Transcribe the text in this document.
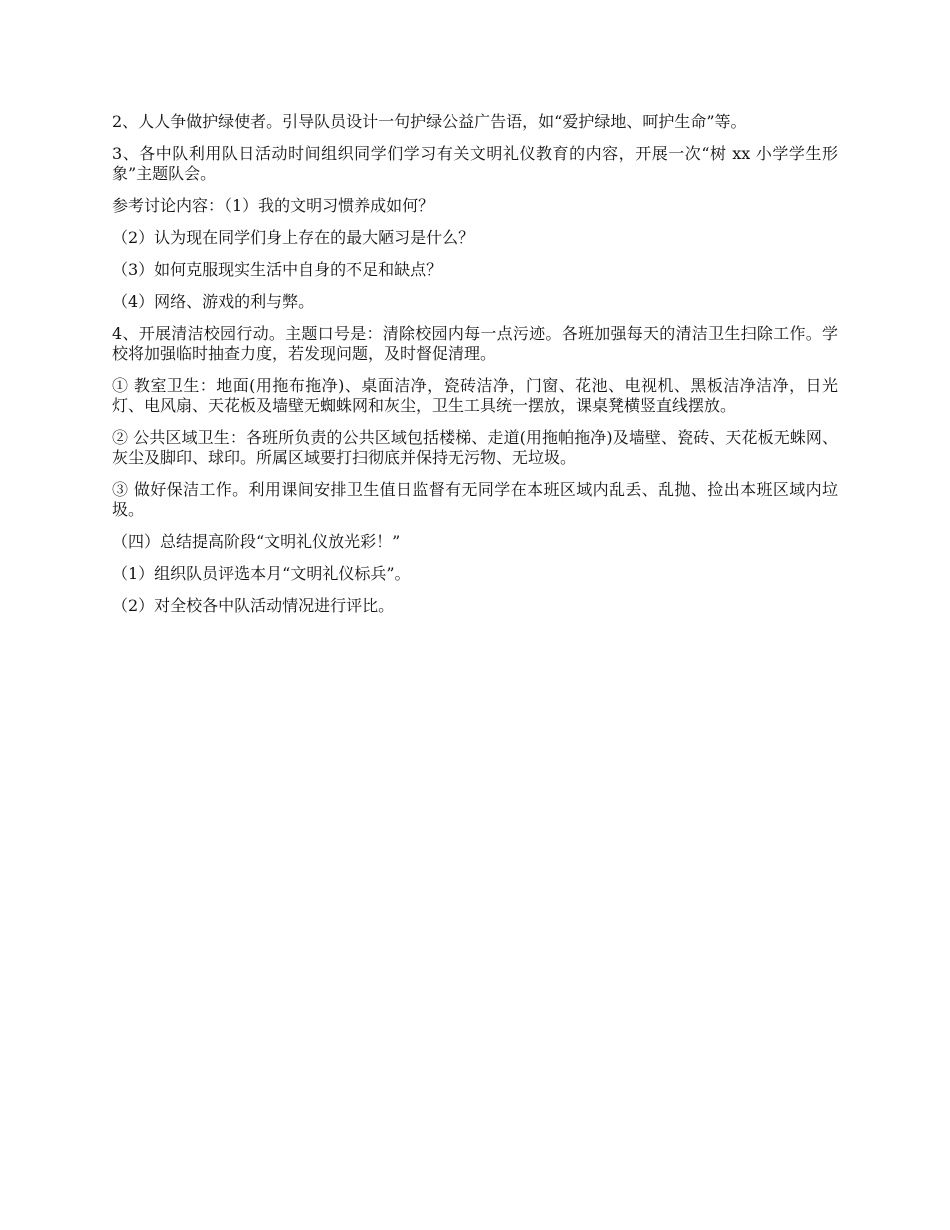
2、人人争做护绿使者。引导队员设计一句护绿公益广告语，如“爱护绿地、呵护生命”等。

3、各中队利用队日活动时间组织同学们学习有关文明礼仪教育的内容，开展一次“树 xx 小学学生形象”主题队会。

参考讨论内容：（1）我的文明习惯养成如何？

（2）认为现在同学们身上存在的最大陋习是什么？

（3）如何克服现实生活中自身的不足和缺点？

（4）网络、游戏的利与弊。

4、开展清洁校园行动。主题口号是：清除校园内每一点污迹。各班加强每天的清洁卫生扫除工作。学校将加强临时抽查力度，若发现问题，及时督促清理。

① 教室卫生：地面(用拖布拖净)、桌面洁净，瓷砖洁净，门窗、花池、电视机、黑板洁净洁净，日光灯、电风扇、天花板及墙壁无蜘蛛网和灰尘，卫生工具统一摆放，课桌凳横竖直线摆放。

② 公共区域卫生：各班所负责的公共区域包括楼梯、走道(用拖帕拖净)及墙壁、瓷砖、天花板无蛛网、灰尘及脚印、球印。所属区域要打扫彻底并保持无污物、无垃圾。

③ 做好保洁工作。利用课间安排卫生值日监督有无同学在本班区域内乱丢、乱抛、捡出本班区域内垃圾。

（四）总结提高阶段“文明礼仪放光彩！”

（1）组织队员评选本月“文明礼仪标兵”。

（2）对全校各中队活动情况进行评比。
